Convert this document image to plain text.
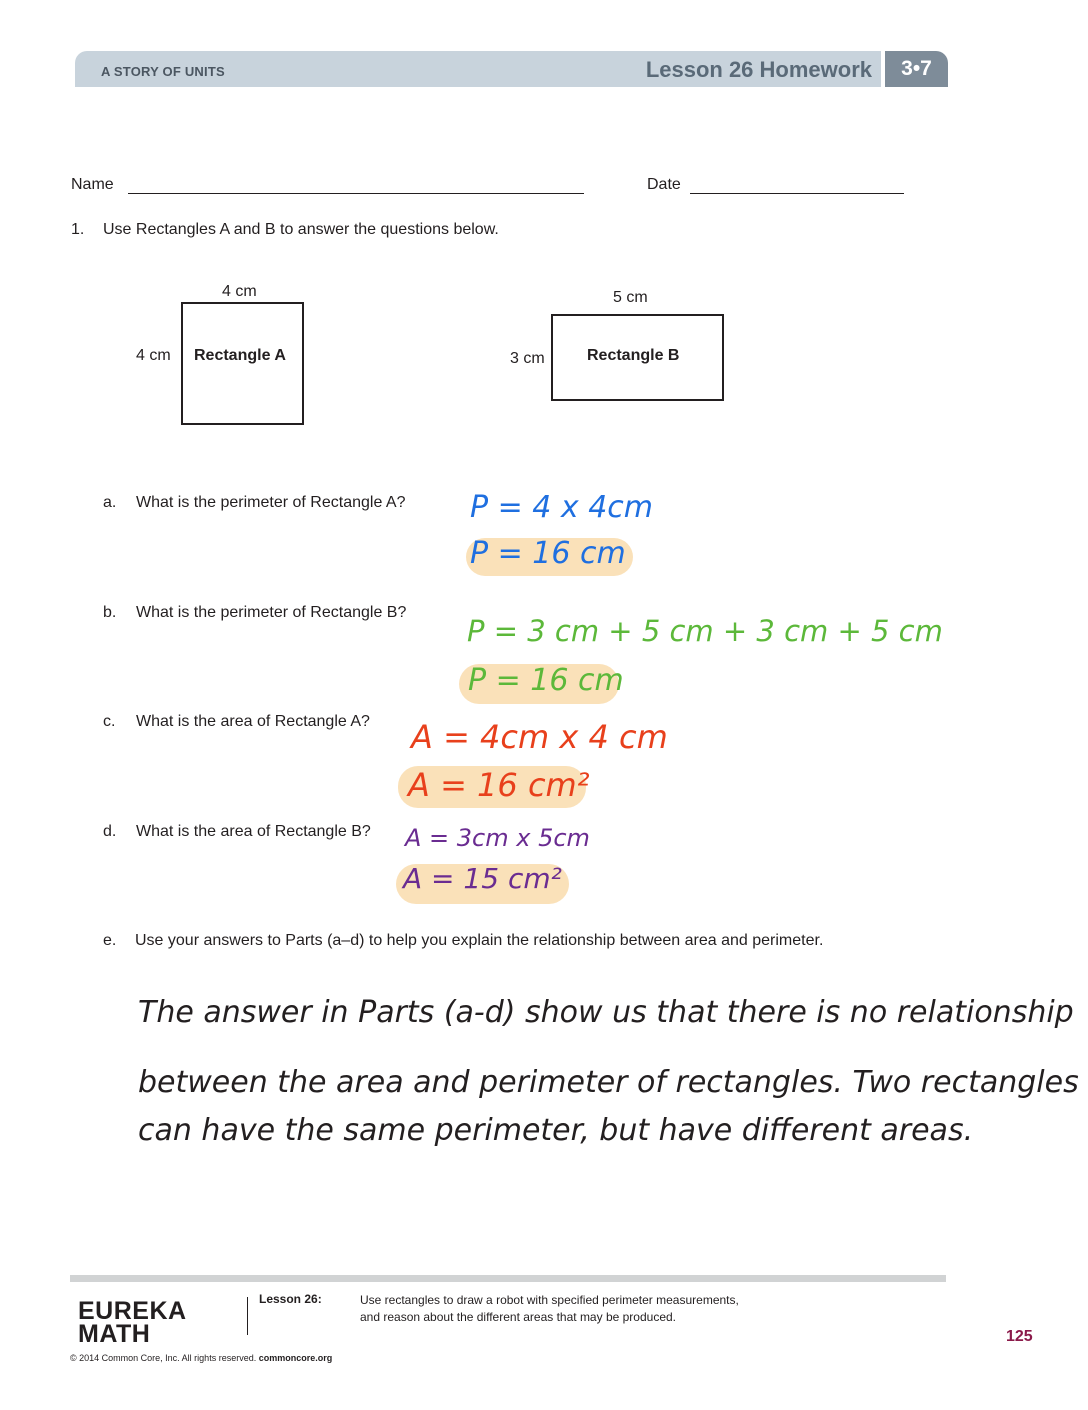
A STORY OF UNITS	Lesson 26 Homework	3•7
Name	Date
1. Use Rectangles A and B to answer the questions below.
4 cm
4 cm Rectangle A
5 cm
3 cm	Rectangle B
a. What is the perimeter of Rectangle A? P = 4 x 4cm
P = 16 cm
b. What is the perimeter of Rectangle B?
P = 3 cm + 5 cm + 3 cm + 5 cm
P = 16 cm
c. What is the area of Rectangle A? A = 4cm x 4 cm
A = 16 cm²
d. What is the area of Rectangle B? A = 3cm x 5cm
A = 15 cm²
e. Use your answers to Parts (a–d) to help you explain the relationship between area and perimeter.
The answer in Parts (a-d) show us that there is no relationship
between the area and perimeter of rectangles. Two rectangles
can have the same perimeter, but have different areas.
EUREKA
MATH
© 2014 Common Core, Inc. All rights reserved. commoncore.org
Lesson 26:	Use rectangles to draw a robot with specified perimeter measurements, and reason about the different areas that may be produced.
125
